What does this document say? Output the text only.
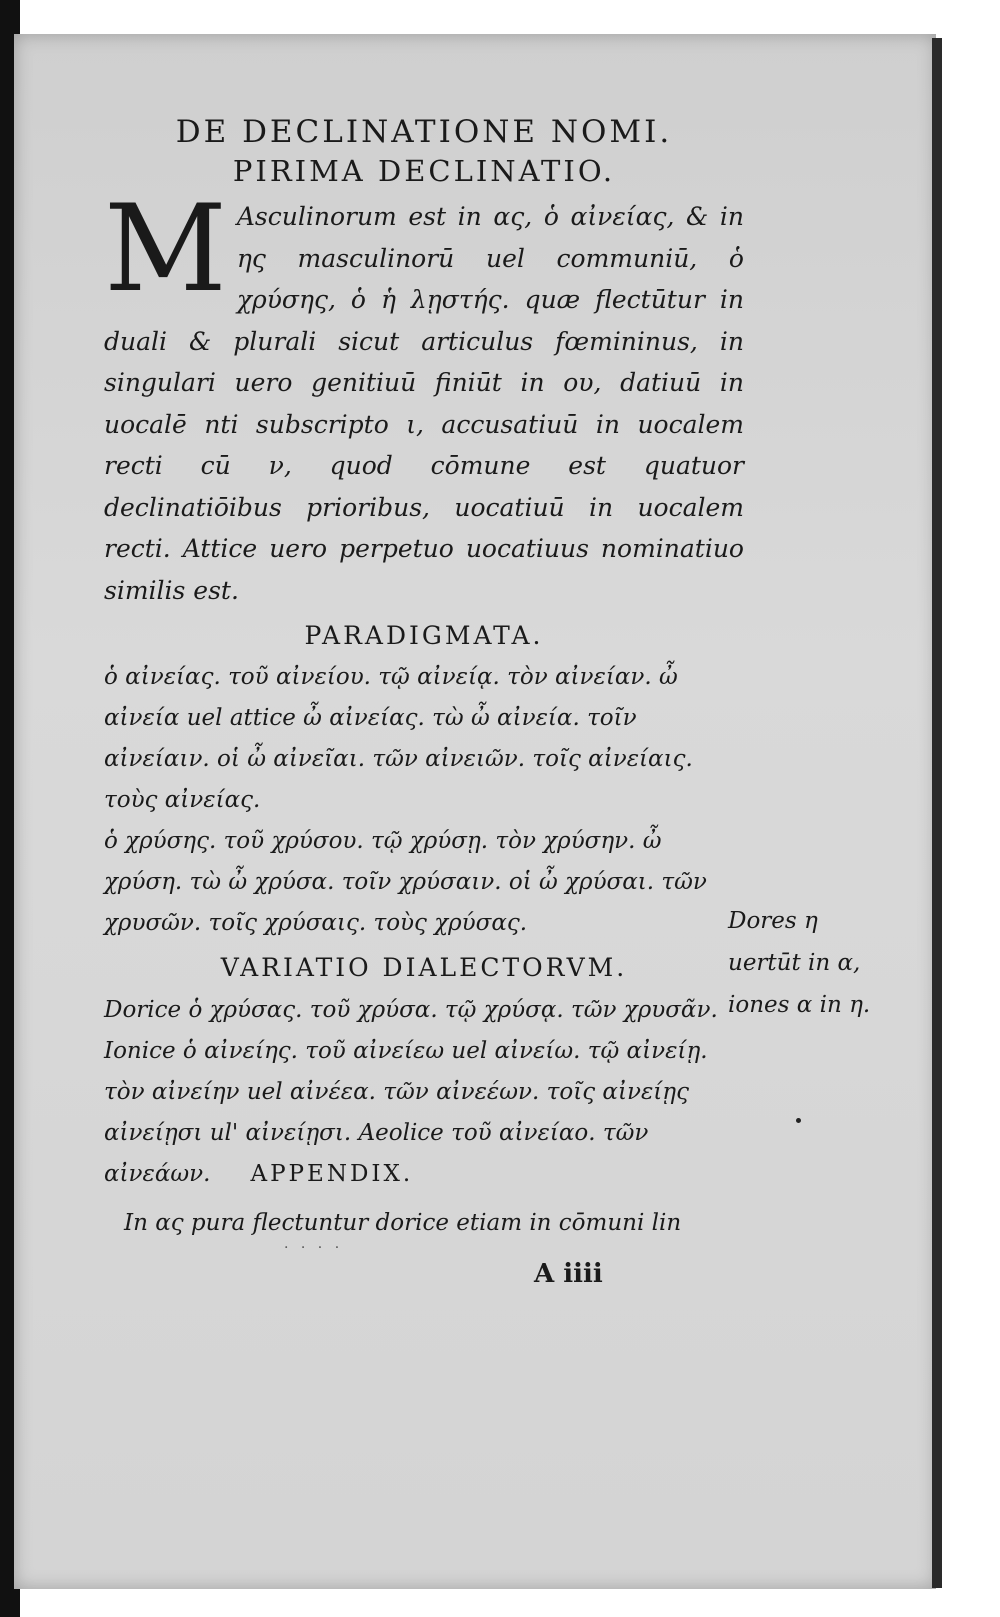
DE DECLINATIONE NOMI.
PIRIMA DECLINATIO.

M Asculinorum est in ας, ὁ αἰνείας, & in ης masculinorū uel communiū, ὁ χρύσης, ὁ ἡ λῃστής. quæ flectūtur in duali & plurali sicut articulus fœmininus, in singulari uero genitiuū finiūt in ου, datiuū in uocalē nti subscripto ι, accusatiuū in uocalem recti cū ν, quod cōmune est quatuor declinatiōibus prioribus, uocatiuū in uocalem recti. Attice uero perpetuo uocatiuus nominatiuo similis est.

PARADIGMATA.

ὁ αἰνείας. τοῦ αἰνείου. τῷ αἰνείᾳ. τὸν αἰνείαν. ὦ αἰνεία uel attice ὦ αἰνείας. τὼ ὦ αἰνεία. τοῖν αἰνείαιν. οἱ ὦ αἰνεῖαι. τῶν αἰνειῶν. τοῖς αἰνείαις. τοὺς αἰνείας.

ὁ χρύσης. τοῦ χρύσου. τῷ χρύσῃ. τὸν χρύσην. ὦ χρύση. τὼ ὦ χρύσα. τοῖν χρύσαιν. οἱ ὦ χρύσαι. τῶν χρυσῶν. τοῖς χρύσαις. τοὺς χρύσας.

VARIATIO DIALECTORVM.

Dorice ὁ χρύσας. τοῦ χρύσα. τῷ χρύσᾳ. τῶν χρυσᾶν. Ionice ὁ αἰνείης. τοῦ αἰνείεω uel αἰνείω. τῷ αἰνείῃ. τὸν αἰνείην uel αἰνέεα. τῶν αἰνεέων. τοῖς αἰνείῃς αἰνείῃσι ul' αἰνείῃσι. Aeolice τοῦ αἰνείαο. τῶν αἰνεάων. APPENDIX.

In ας pura flectuntur dorice etiam in cōmuni lin

A iiii
Dores η uertūt in α, iones α in η.
· · · ·
